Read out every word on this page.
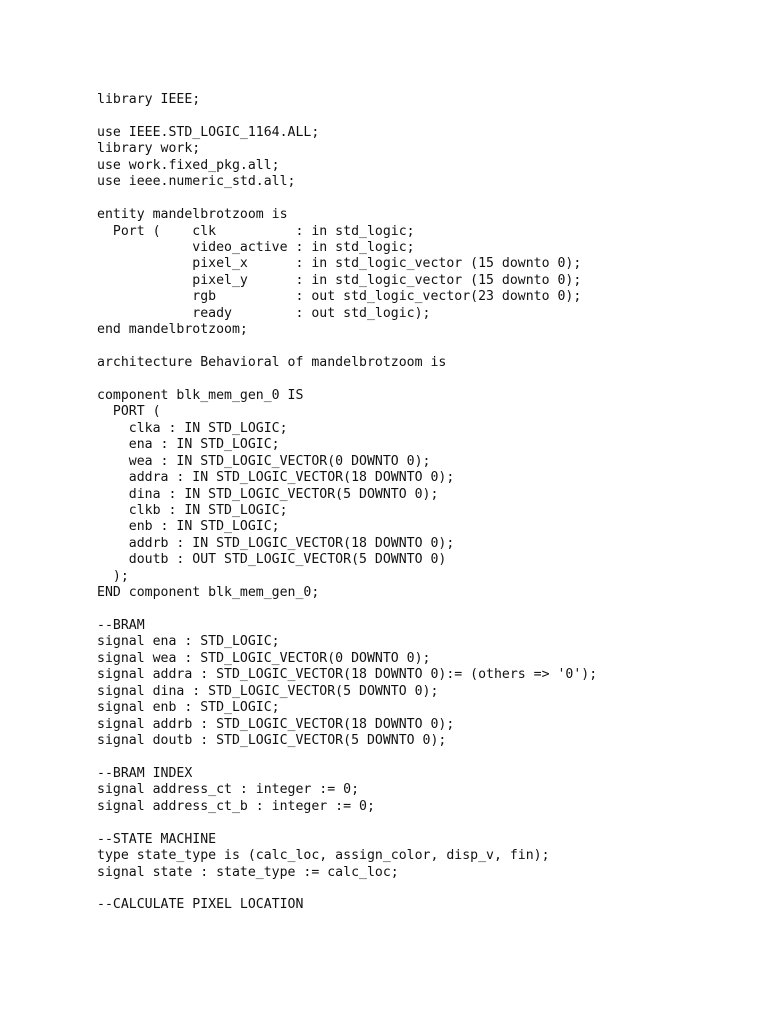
library IEEE;
use IEEE.STD_LOGIC_1164.ALL;
library work;
use work.fixed_pkg.all;
use ieee.numeric_std.all;
entity mandelbrotzoom is
Port (    clk          : in std_logic;
video_active : in std_logic;
pixel_x      : in std_logic_vector (15 downto 0);
pixel_y      : in std_logic_vector (15 downto 0);
rgb          : out std_logic_vector(23 downto 0);
ready        : out std_logic);
end mandelbrotzoom;
architecture Behavioral of mandelbrotzoom is
component blk_mem_gen_0 IS
PORT (
clka : IN STD_LOGIC;
ena : IN STD_LOGIC;
wea : IN STD_LOGIC_VECTOR(0 DOWNTO 0);
addra : IN STD_LOGIC_VECTOR(18 DOWNTO 0);
dina : IN STD_LOGIC_VECTOR(5 DOWNTO 0);
clkb : IN STD_LOGIC;
enb : IN STD_LOGIC;
addrb : IN STD_LOGIC_VECTOR(18 DOWNTO 0);
doutb : OUT STD_LOGIC_VECTOR(5 DOWNTO 0)
);
END component blk_mem_gen_0;
--BRAM
signal ena : STD_LOGIC;
signal wea : STD_LOGIC_VECTOR(0 DOWNTO 0);
signal addra : STD_LOGIC_VECTOR(18 DOWNTO 0):= (others => '0');
signal dina : STD_LOGIC_VECTOR(5 DOWNTO 0);
signal enb : STD_LOGIC;
signal addrb : STD_LOGIC_VECTOR(18 DOWNTO 0);
signal doutb : STD_LOGIC_VECTOR(5 DOWNTO 0);
--BRAM INDEX
signal address_ct : integer := 0;
signal address_ct_b : integer := 0;
--STATE MACHINE
type state_type is (calc_loc, assign_color, disp_v, fin);
signal state : state_type := calc_loc;
--CALCULATE PIXEL LOCATION
